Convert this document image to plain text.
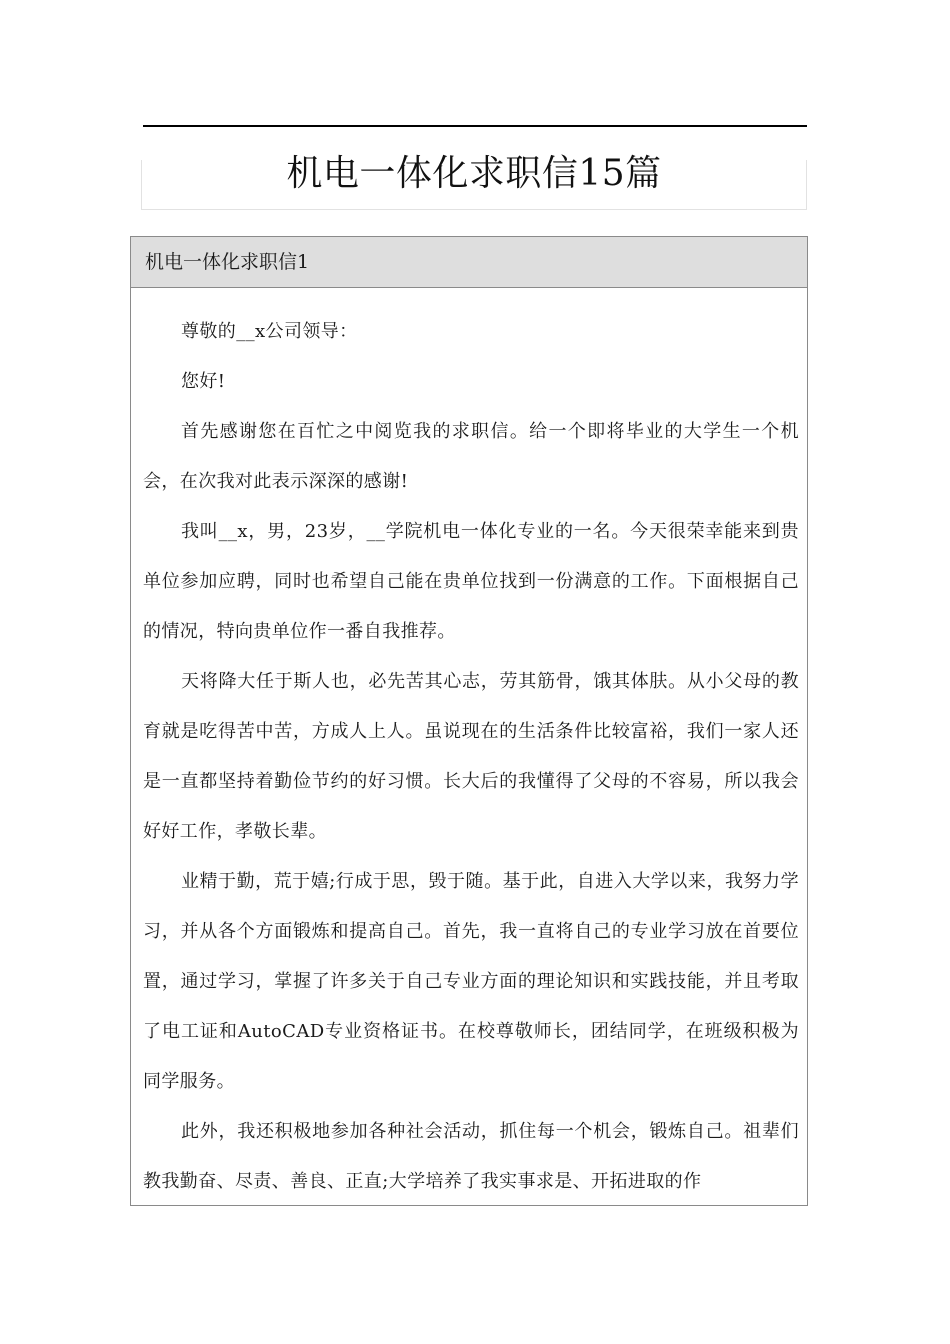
机电一体化求职信15篇
机电一体化求职信1

尊敬的__x公司领导：

您好!

首先感谢您在百忙之中阅览我的求职信。给一个即将毕业的大学生一个机会，在次我对此表示深深的感谢!

我叫__x，男，23岁，__学院机电一体化专业的一名。今天很荣幸能来到贵单位参加应聘，同时也希望自己能在贵单位找到一份满意的工作。下面根据自己的情况，特向贵单位作一番自我推荐。

天将降大任于斯人也，必先苦其心志，劳其筋骨，饿其体肤。从小父母的教育就是吃得苦中苦，方成人上人。虽说现在的生活条件比较富裕，我们一家人还是一直都坚持着勤俭节约的好习惯。长大后的我懂得了父母的不容易，所以我会好好工作，孝敬长辈。

业精于勤，荒于嬉;行成于思，毁于随。基于此，自进入大学以来，我努力学习，并从各个方面锻炼和提高自己。首先，我一直将自己的专业学习放在首要位置，通过学习，掌握了许多关于自己专业方面的理论知识和实践技能，并且考取了电工证和AutoCAD专业资格证书。在校尊敬师长，团结同学，在班级积极为同学服务。

此外，我还积极地参加各种社会活动，抓住每一个机会，锻炼自己。祖辈们教我勤奋、尽责、善良、正直;大学培养了我实事求是、开拓进取的作
